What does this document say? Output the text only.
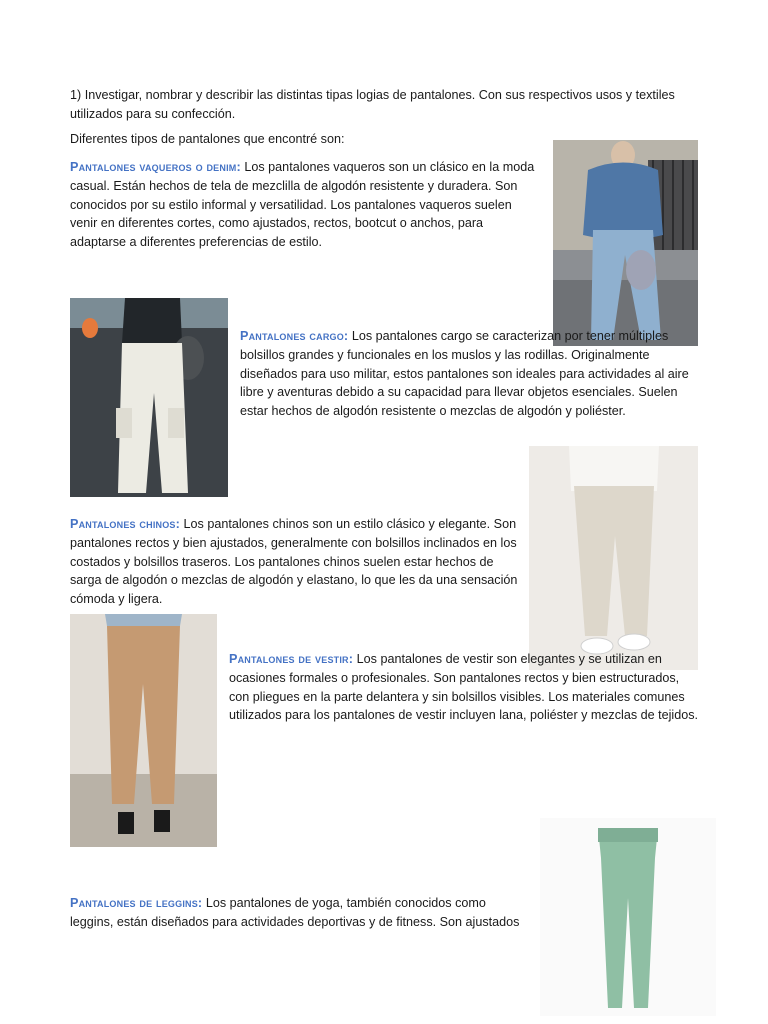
1) Investigar, nombrar y describir las distintas tipas logias de pantalones. Con sus respectivos usos y textiles utilizados para su confección.

Diferentes tipos de pantalones que encontré son:

Pantalones vaqueros o denim: Los pantalones vaqueros son un clásico en la moda casual. Están hechos de tela de mezclilla de algodón resistente y duradera. Son conocidos por su estilo informal y versatilidad. Los pantalones vaqueros suelen venir en diferentes cortes, como ajustados, rectos, bootcut o anchos, para adaptarse a diferentes preferencias de estilo.

Pantalones cargo: Los pantalones cargo se caracterizan por tener múltiples bolsillos grandes y funcionales en los muslos y las rodillas. Originalmente diseñados para uso militar, estos pantalones son ideales para actividades al aire libre y aventuras debido a su capacidad para llevar objetos esenciales. Suelen estar hechos de algodón resistente o mezclas de algodón y poliéster.

Pantalones chinos: Los pantalones chinos son un estilo clásico y elegante. Son pantalones rectos y bien ajustados, generalmente con bolsillos inclinados en los costados y bolsillos traseros. Los pantalones chinos suelen estar hechos de sarga de algodón o mezclas de algodón y elastano, lo que les da una sensación cómoda y ligera.

Pantalones de vestir: Los pantalones de vestir son elegantes y se utilizan en ocasiones formales o profesionales. Son pantalones rectos y bien estructurados, con pliegues en la parte delantera y sin bolsillos visibles. Los materiales comunes utilizados para los pantalones de vestir incluyen lana, poliéster y mezclas de tejidos.

Pantalones de leggins: Los pantalones de yoga, también conocidos como leggins, están diseñados para actividades deportivas y de fitness. Son ajustados
